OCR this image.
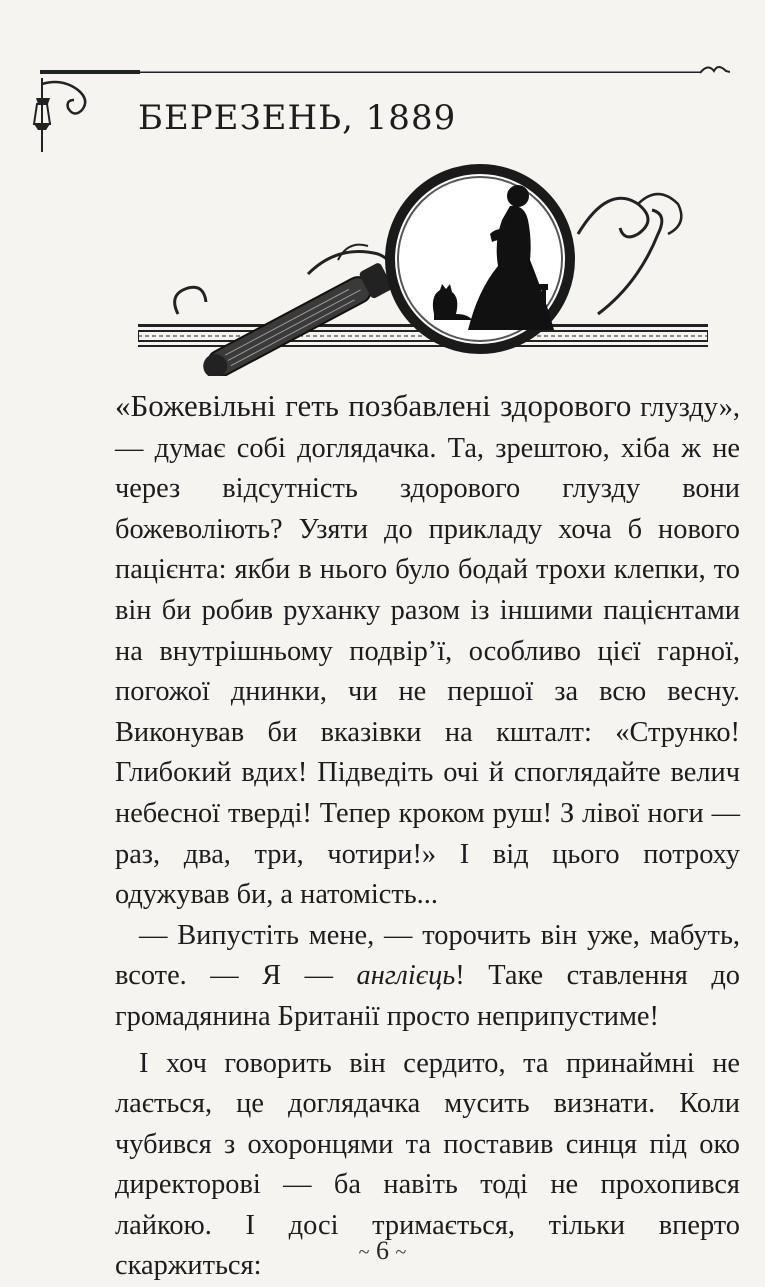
БЕРЕЗЕНЬ, 1889

«Божевільні геть позбавлені здорового глузду», — думає собі доглядачка. Та, зрештою, хіба ж не через відсутність здорового глузду вони божеволіють? Узяти до прикладу хоча б нового пацієнта: якби в нього було бодай трохи клепки, то він би робив руханку разом із іншими пацієнтами на внутрішньому подвір’ї, особливо цієї гарної, погожої днинки, чи не першої за всю весну. Виконував би вказівки на кшталт: «Струнко! Глибокий вдих! Підведіть очі й споглядайте велич небесної тверді! Тепер кроком руш! З лівої ноги — раз, два, три, чотири!» І від цього потроху одужував би, а натомість...

— Випустіть мене, — торочить він уже, мабуть, всоте. — Я — англієць! Таке ставлення до громадянина Британії просто неприпустиме!

І хоч говорить він сердито, та принаймні не лається, це доглядачка мусить визнати. Коли чубився з охоронцями та поставив синця під око директорові — ба навіть тоді не прохопився лайкою. І досі тримається, тільки вперто скаржиться:	~ 6 ~
